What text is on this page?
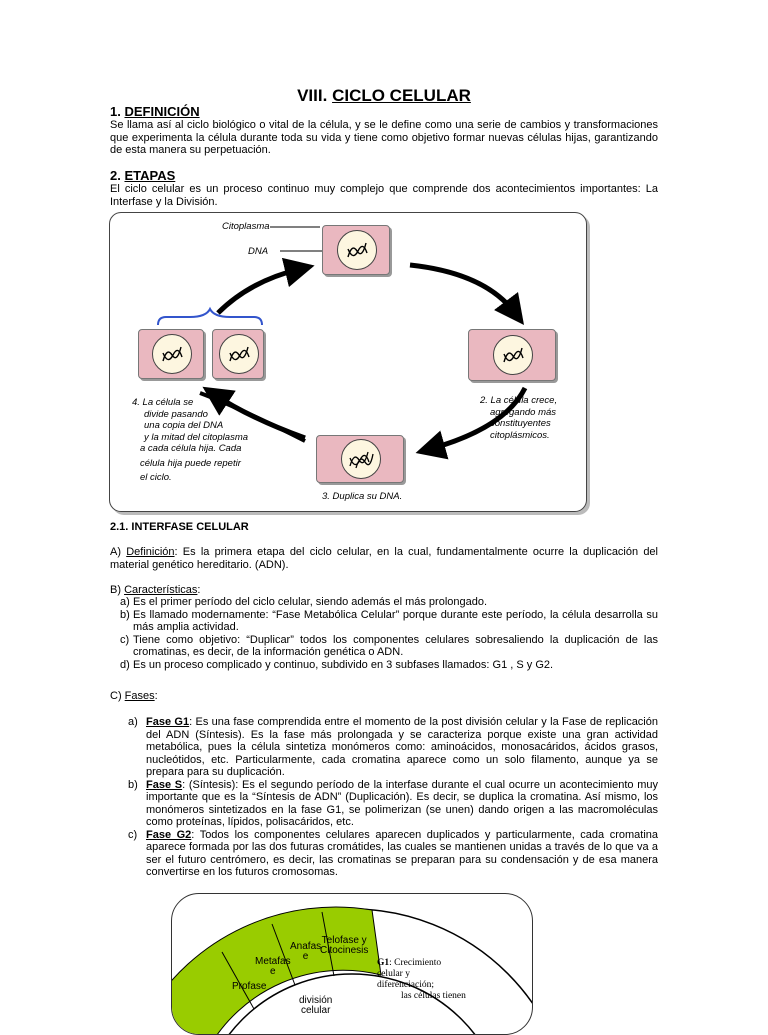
VIII. CICLO CELULAR
1. DEFINICIÓN
Se llama así al ciclo biológico o vital de la célula, y se le define como una serie de cambios y transformaciones que experimenta la célula durante toda su vida y tiene como objetivo formar nuevas células hijas, garantizando de esta manera su perpetuación.
2. ETAPAS
El ciclo celular es un proceso continuo muy complejo que comprende dos acontecimientos importantes: La Interfase y la División.
Citoplasma
DNA
2. La célula crece,
agregando más
constituyentes
citoplásmicos.
3. Duplica su DNA.
4. La célula se
divide pasando
una copia del DNA
y la mitad del citoplasma
a cada célula hija. Cada
célula hija puede repetir
el ciclo.
2.1. INTERFASE CELULAR
A) Definición: Es la primera etapa del ciclo celular, en la cual, fundamentalmente ocurre la duplicación del material genético hereditario. (ADN).
B) Características:
a) Es el primer período del ciclo celular, siendo además el más prolongado.
b) Es llamado modernamente: “Fase Metabólica Celular” porque durante este período, la célula desarrolla su más amplia actividad.
c) Tiene como objetivo: “Duplicar” todos los componentes celulares sobresaliendo la duplicación de las cromatinas, es decir, de la información genética o ADN.
d) Es un proceso complicado y continuo, subdivido en 3 subfases llamados: G1 , S y G2.
C) Fases:
a) Fase G1: Es una fase comprendida entre el momento de la post división celular y la Fase de replicación del ADN (Síntesis). Es la fase más prolongada y se caracteriza porque existe una gran actividad metabólica, pues la célula sintetiza monómeros como: aminoácidos, monosacáridos, ácidos grasos, nucleótidos, etc. Particularmente, cada cromatina aparece como un solo filamento, aunque ya se prepara para su duplicación.
b) Fase S: (Síntesis): Es el segundo período de la interfase durante el cual ocurre un acontecimiento muy importante que es la “Síntesis de ADN” (Duplicación). Es decir, se duplica la cromatina. Así mismo, los monómeros sintetizados en la fase G1, se polimerizan (se unen) dando origen a las macromoléculas como proteínas, lípidos, polisacáridos, etc.
c) Fase G2: Todos los componentes celulares aparecen duplicados y particularmente, cada cromatina aparece formada por las dos futuras cromátides, las cuales se mantienen unidas a través de lo que va a ser el futuro centrómero, es decir, las cromatinas se preparan para su condensación y de esa manera convertirse en los futuros cromosomas.
Telofase y
Citocinesis
Anafas
e
Metafas
e
Profase
división
celular
G1: Crecimiento
celular y
diferenciación;
las células tienen
